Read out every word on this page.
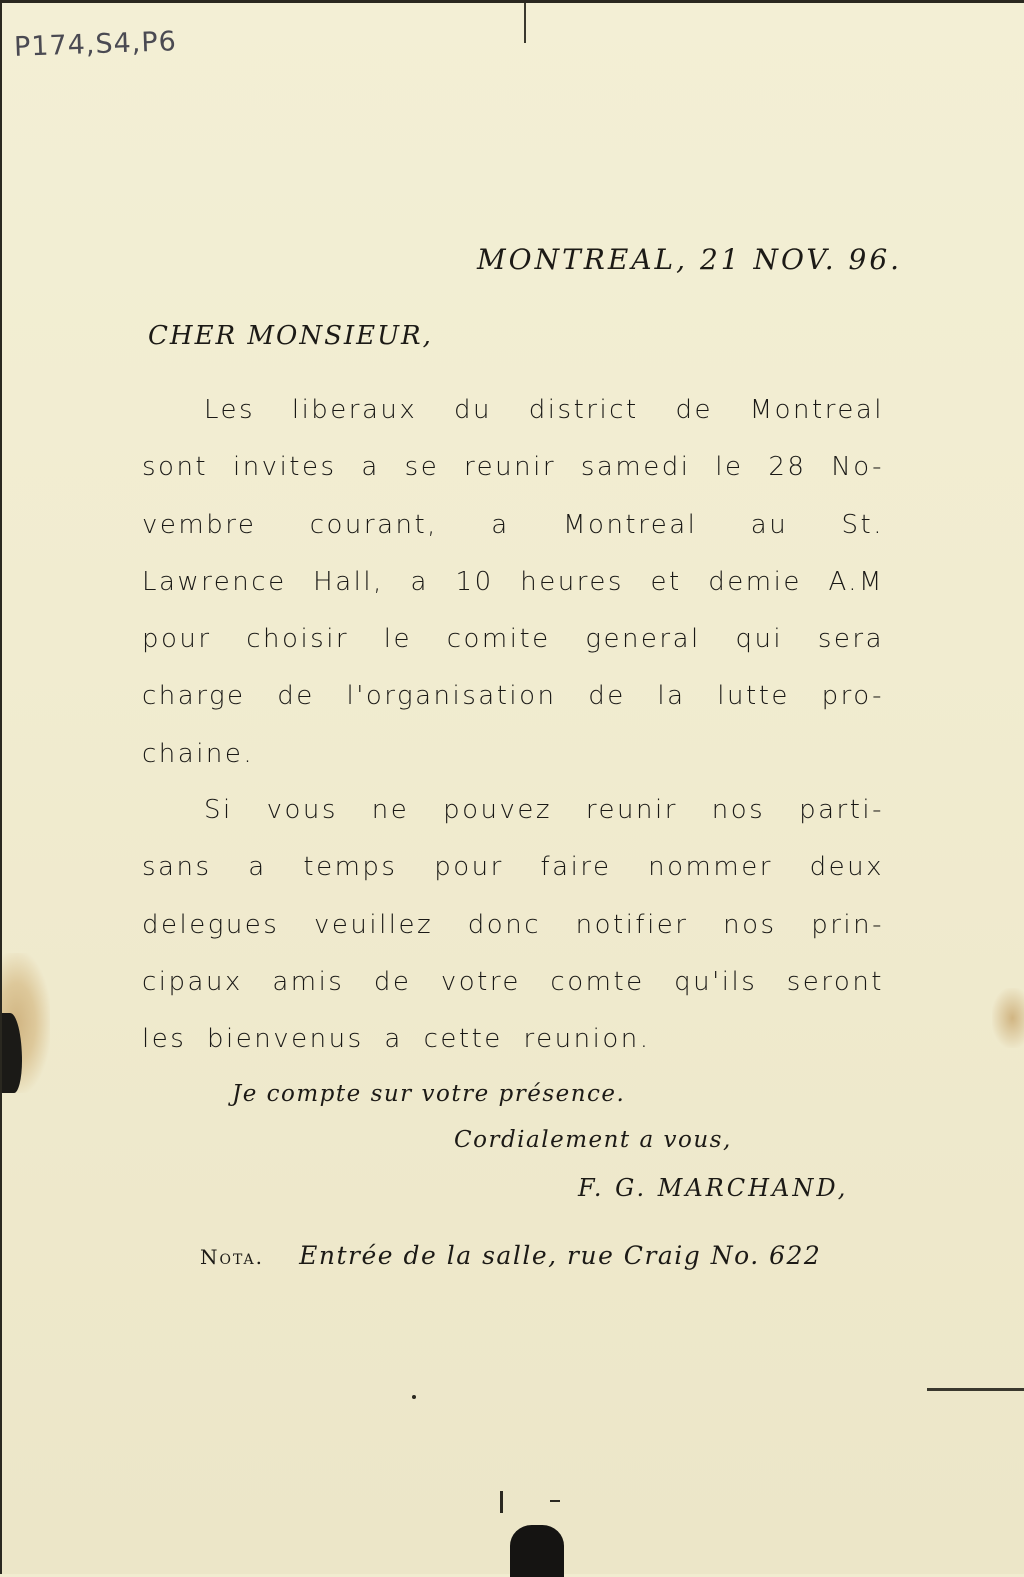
P174,S4,P6
MONTREAL, 21 NOV. 96.
CHER MONSIEUR,
Les liberaux du district de Montreal
sont invites a se reunir samedi le 28 No-
vembre courant, a Montreal au St.
Lawrence Hall, a 10 heures et demie A.M
pour choisir le comite general qui sera
charge de l'organisation de la lutte pro-
chaine.
Si vous ne pouvez reunir nos parti-
sans a temps pour faire nommer deux
delegues veuillez donc notifier nos prin-
cipaux amis de votre comte qu'ils seront
les bienvenus a cette reunion.
Je compte sur votre présence.
Cordialement a vous,
F. G. MARCHAND,
Nota. Entrée de la salle, rue Craig No. 622
